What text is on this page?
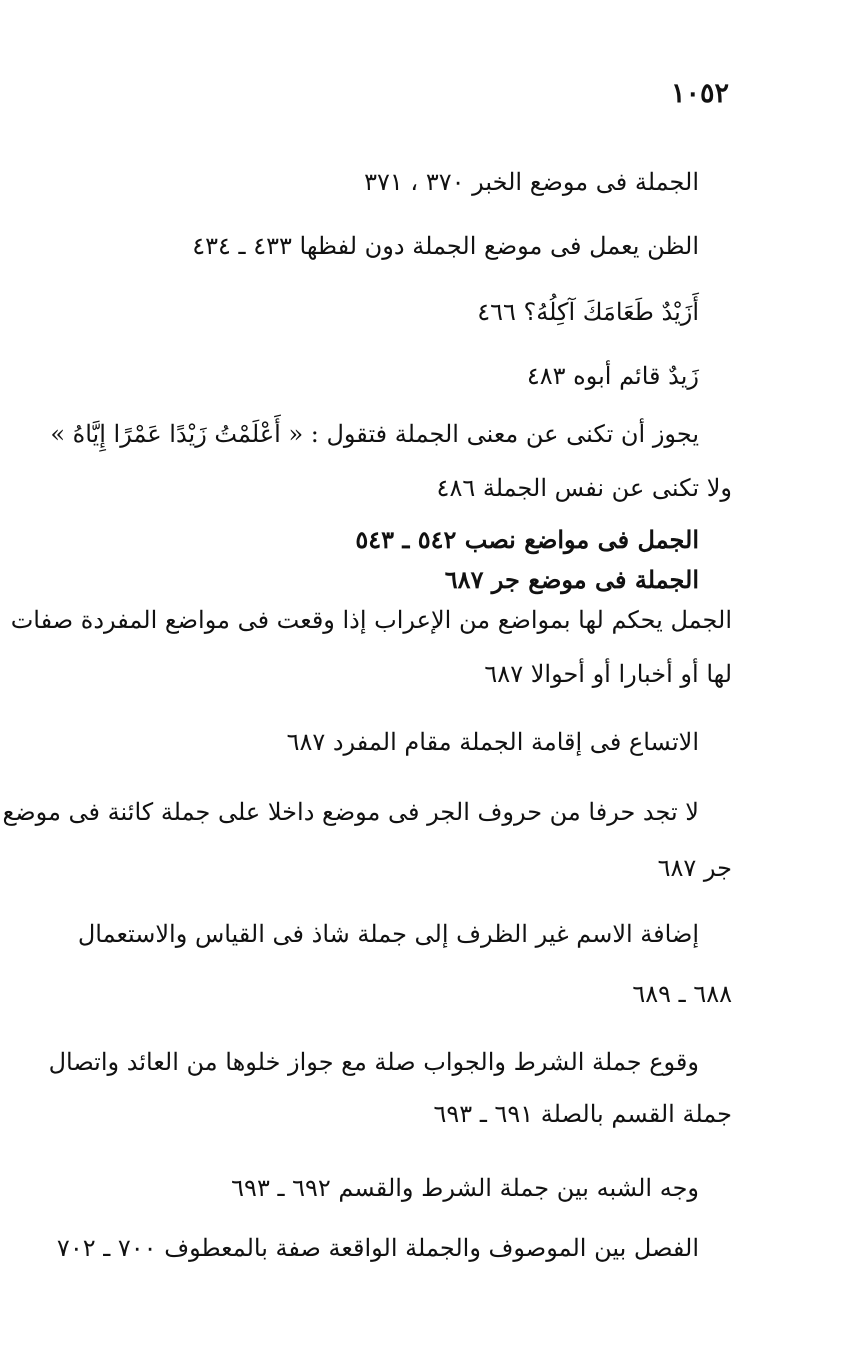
١٠٥٢
الجملة فى موضع الخبر ٣٧٠ ، ٣٧١
الظن يعمل فى موضع الجملة دون لفظها ٤٣٣ ـ ٤٣٤
أَزَيْدٌ طَعَامَكَ آكِلُهُ؟ ٤٦٦
زَيدٌ قائم أبوه ٤٨٣
يجوز أن تكنى عن معنى الجملة فتقول : « أَعْلَمْتُ زَيْدًا عَمْرًا إِيَّاهُ »
ولا تكنى عن نفس الجملة ٤٨٦
الجمل فى مواضع نصب ٥٤٢ ـ ٥٤٣
الجملة فى موضع جر ٦٨٧
الجمل يحكم لها بمواضع من الإعراب إذا وقعت فى مواضع المفردة صفات
لها أو أخبارا أو أحوالا ٦٨٧
الاتساع فى إقامة الجملة مقام المفرد ٦٨٧
لا تجد حرفا من حروف الجر فى موضع داخلا على جملة كائنة فى موضع
جر ٦٨٧
إضافة الاسم غير الظرف إلى جملة شاذ فى القياس والاستعمال
٦٨٨ ـ ٦٨٩
وقوع جملة الشرط والجواب صلة مع جواز خلوها من العائد واتصال
جملة القسم بالصلة ٦٩١ ـ ٦٩٣
وجه الشبه بين جملة الشرط والقسم ٦٩٢ ـ ٦٩٣
الفصل بين الموصوف والجملة الواقعة صفة بالمعطوف ٧٠٠ ـ ٧٠٢
